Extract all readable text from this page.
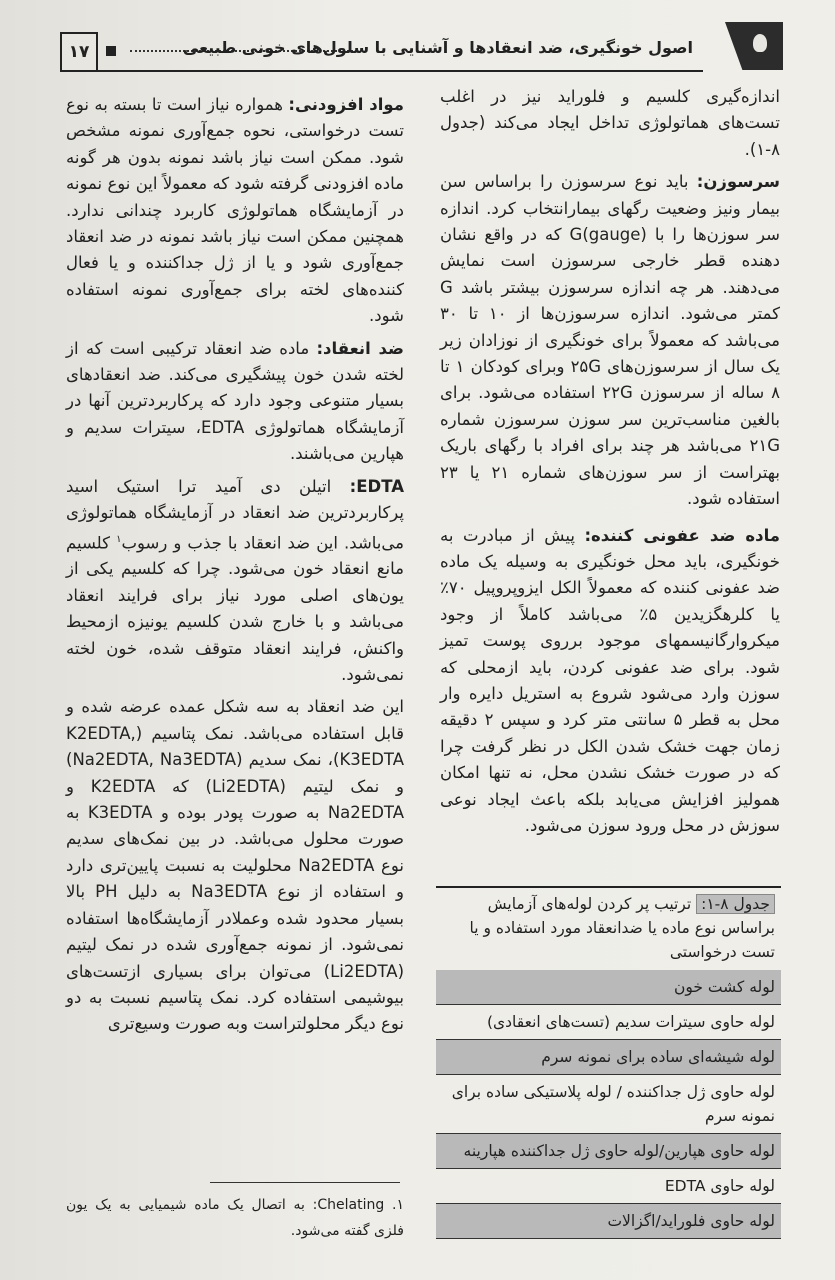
۱۷	اصول خونگیری، ضد انعقادها و آشنایی با سلول‌های خونی طبیعی

اندازه‌گیری کلسیم و فلوراید نیز در اغلب تست‌های هماتولوژی تداخل ایجاد می‌کند (جدول ۸-۱).

سرسوزن: باید نوع سرسوزن را براساس سن بیمار ونیز وضعیت رگهای بیمارانتخاب کرد. اندازه سر سوزن‌ها را با G(gauge) که در واقع نشان دهنده قطر خارجی سرسوزن است نمایش می‌دهند. هر چه اندازه سرسوزن بیشتر باشد G کمتر می‌شود. اندازه سرسوزن‌ها از ۱۰ تا ۳۰ می‌باشد که معمولاً برای خونگیری از نوزادان زیر یک سال از سرسوزن‌های ۲۵G وبرای کودکان ۱ تا ۸ ساله از سرسوزن ۲۲G استفاده می‌شود. برای بالغین مناسب‌ترین سر سوزن سرسوزن شماره ۲۱G می‌باشد هر چند برای افراد با رگهای باریک بهتراست از سر سوزن‌های شماره ۲۱ یا ۲۳ استفاده شود.

ماده ضد عفونی کننده: پیش از مبادرت به خونگیری، باید محل خونگیری به وسیله یک ماده ضد عفونی کننده که معمولاً الکل ایزوپروپیل ۷۰٪ یا کلرهگزیدین ۵٪ می‌باشد کاملاً از وجود میکروارگانیسمهای موجود برروی پوست تمیز شود. برای ضد عفونی کردن، باید ازمحلی که سوزن وارد می‌شود شروع به استریل دایره وار محل به قطر ۵ سانتی متر کرد و سپس ۲ دقیقه زمان جهت خشک شدن الکل در نظر گرفت چرا که در صورت خشک نشدن محل، نه تنها امکان همولیز افزایش می‌یابد بلکه باعث ایجاد نوعی سوزش در محل ورود سوزن می‌شود.

جدول ۸-۱: ترتیب پر کردن لوله‌های آزمایش براساس نوع ماده یا ضدانعقاد مورد استفاده و یا تست درخواستی
لوله کشت خون
لوله حاوی سیترات سدیم (تست‌های انعقادی)
لوله شیشه‌ای ساده برای نمونه سرم
لوله حاوی ژل جداکننده / لوله پلاستیکی ساده برای نمونه سرم
لوله حاوی هپارین/لوله حاوی ژل جداکننده هپارینه
لوله حاوی EDTA
لوله حاوی فلوراید/اگزالات

مواد افزودنی: همواره نیاز است تا بسته به نوع تست درخواستی، نحوه جمع‌آوری نمونه مشخص شود. ممکن است نیاز باشد نمونه بدون هر گونه ماده افزودنی گرفته شود که معمولاً این نوع نمونه در آزمایشگاه هماتولوژی کاربرد چندانی ندارد. همچنین ممکن است نیاز باشد نمونه در ضد انعقاد جمع‌آوری شود و یا از ژل جداکننده و یا فعال کننده‌های لخته برای جمع‌آوری نمونه استفاده شود.

ضد انعقاد: ماده ضد انعقاد ترکیبی است که از لخته شدن خون پیشگیری می‌کند. ضد انعقادهای بسیار متنوعی وجود دارد که پرکاربردترین آنها در آزمایشگاه هماتولوژی EDTA، سیترات سدیم و هپارین می‌باشند.

EDTA: اتیلن دی آمید ترا استیک اسید پرکاربردترین ضد انعقاد در آزمایشگاه هماتولوژی می‌باشد. این ضد انعقاد با جذب و رسوب$^۱$ کلسیم مانع انعقاد خون می‌شود. چرا که کلسیم یکی از یون‌های اصلی مورد نیاز برای فرایند انعقاد می‌باشد و با خارج شدن کلسیم یونیزه ازمحیط واکنش، فرایند انعقاد متوقف شده، خون لخته نمی‌شود.

این ضد انعقاد به سه شکل عمده عرضه شده و قابل استفاده می‌باشد. نمک پتاسیم (K2EDTA, K3EDTA)، نمک سدیم (Na2EDTA, Na3EDTA) و نمک لیتیم (Li2EDTA) که K2EDTA و Na2EDTA به صورت پودر بوده و K3EDTA به صورت محلول می‌باشد. در بین نمک‌های سدیم نوع Na2EDTA محلولیت به نسبت پایین‌تری دارد و استفاده از نوع Na3EDTA به دلیل PH بالا بسیار محدود شده وعملادر آزمایشگاه‌ها استفاده نمی‌شود. از نمونه جمع‌آوری شده در نمک لیتیم (Li2EDTA) می‌توان برای بسیاری ازتست‌های بیوشیمی استفاده کرد. نمک پتاسیم نسبت به دو نوع دیگر محلولتراست وبه صورت وسیع‌تری

۱. Chelating: به اتصال یک ماده شیمیایی به یک یون فلزی گفته می‌شود.
